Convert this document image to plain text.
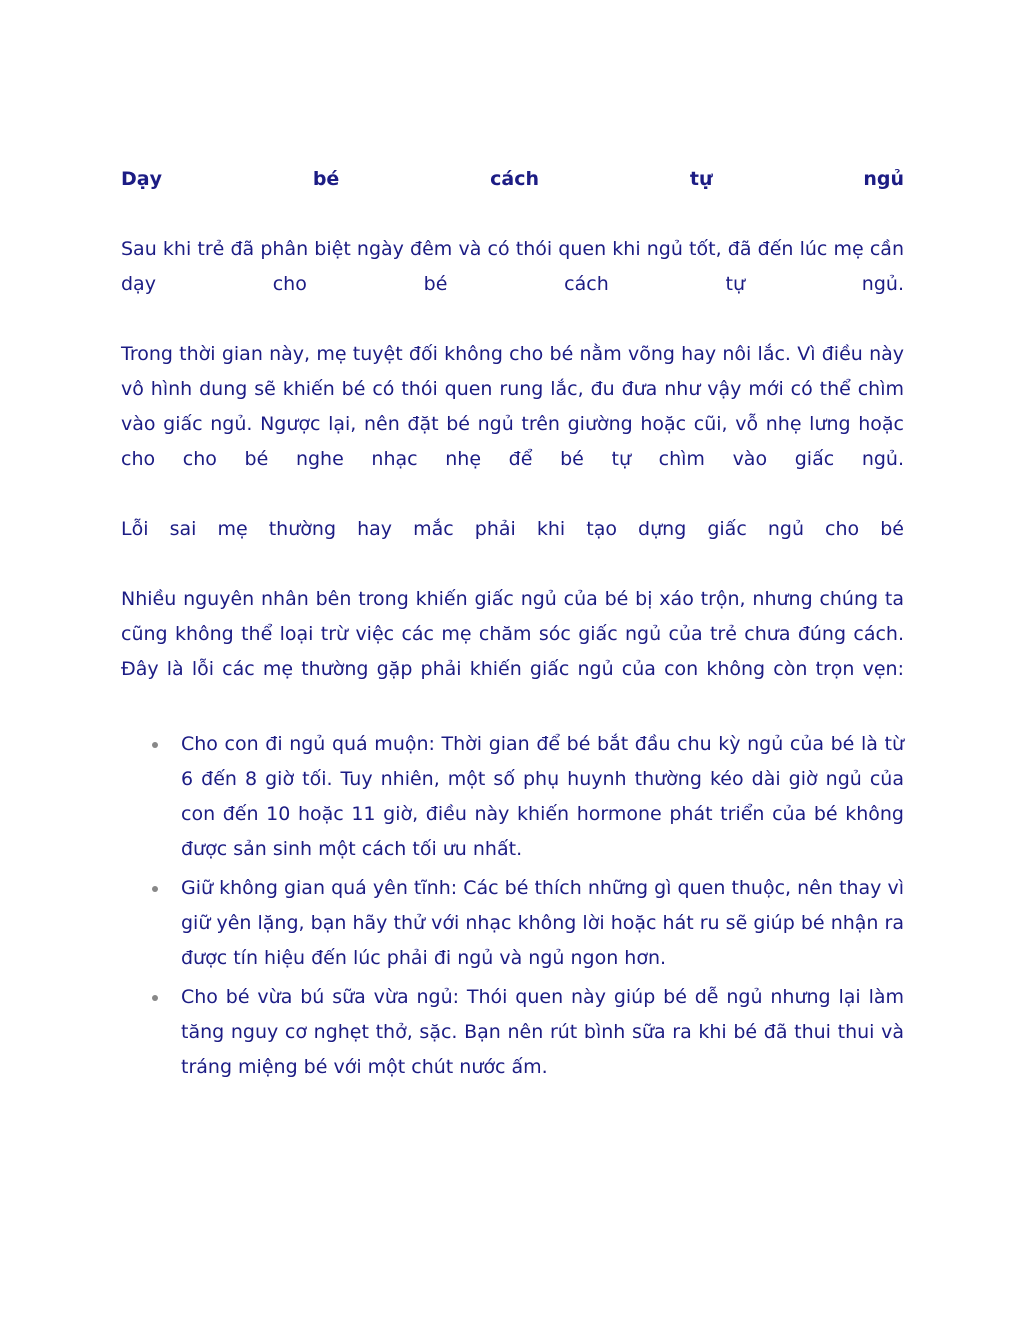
Dạy bé cách tự ngủ

Sau khi trẻ đã phân biệt ngày đêm và có thói quen khi ngủ tốt, đã đến lúc mẹ cần dạy cho bé cách tự ngủ.

Trong thời gian này, mẹ tuyệt đối không cho bé nằm võng hay nôi lắc. Vì điều này vô hình dung sẽ khiến bé có thói quen rung lắc, đu đưa như vậy mới có thể chìm vào giấc ngủ. Ngược lại, nên đặt bé ngủ trên giường hoặc cũi, vỗ nhẹ lưng hoặc cho cho bé nghe nhạc nhẹ để bé tự chìm vào giấc ngủ.

Lỗi sai mẹ thường hay mắc phải khi tạo dựng giấc ngủ cho bé

Nhiều nguyên nhân bên trong khiến giấc ngủ của bé bị xáo trộn, nhưng chúng ta cũng không thể loại trừ việc các mẹ chăm sóc giấc ngủ của trẻ chưa đúng cách. Đây là lỗi các mẹ thường gặp phải khiến giấc ngủ của con không còn trọn vẹn:

Cho con đi ngủ quá muộn: Thời gian để bé bắt đầu chu kỳ ngủ của bé là từ 6 đến 8 giờ tối. Tuy nhiên, một số phụ huynh thường kéo dài giờ ngủ của con đến 10 hoặc 11 giờ, điều này khiến hormone phát triển của bé không được sản sinh một cách tối ưu nhất.
Giữ không gian quá yên tĩnh: Các bé thích những gì quen thuộc, nên thay vì giữ yên lặng, bạn hãy thử với nhạc không lời hoặc hát ru sẽ giúp bé nhận ra được tín hiệu đến lúc phải đi ngủ và ngủ ngon hơn.
Cho bé vừa bú sữa vừa ngủ: Thói quen này giúp bé dễ ngủ nhưng lại làm tăng nguy cơ nghẹt thở, sặc. Bạn nên rút bình sữa ra khi bé đã thui thui và tráng miệng bé với một chút nước ấm.
